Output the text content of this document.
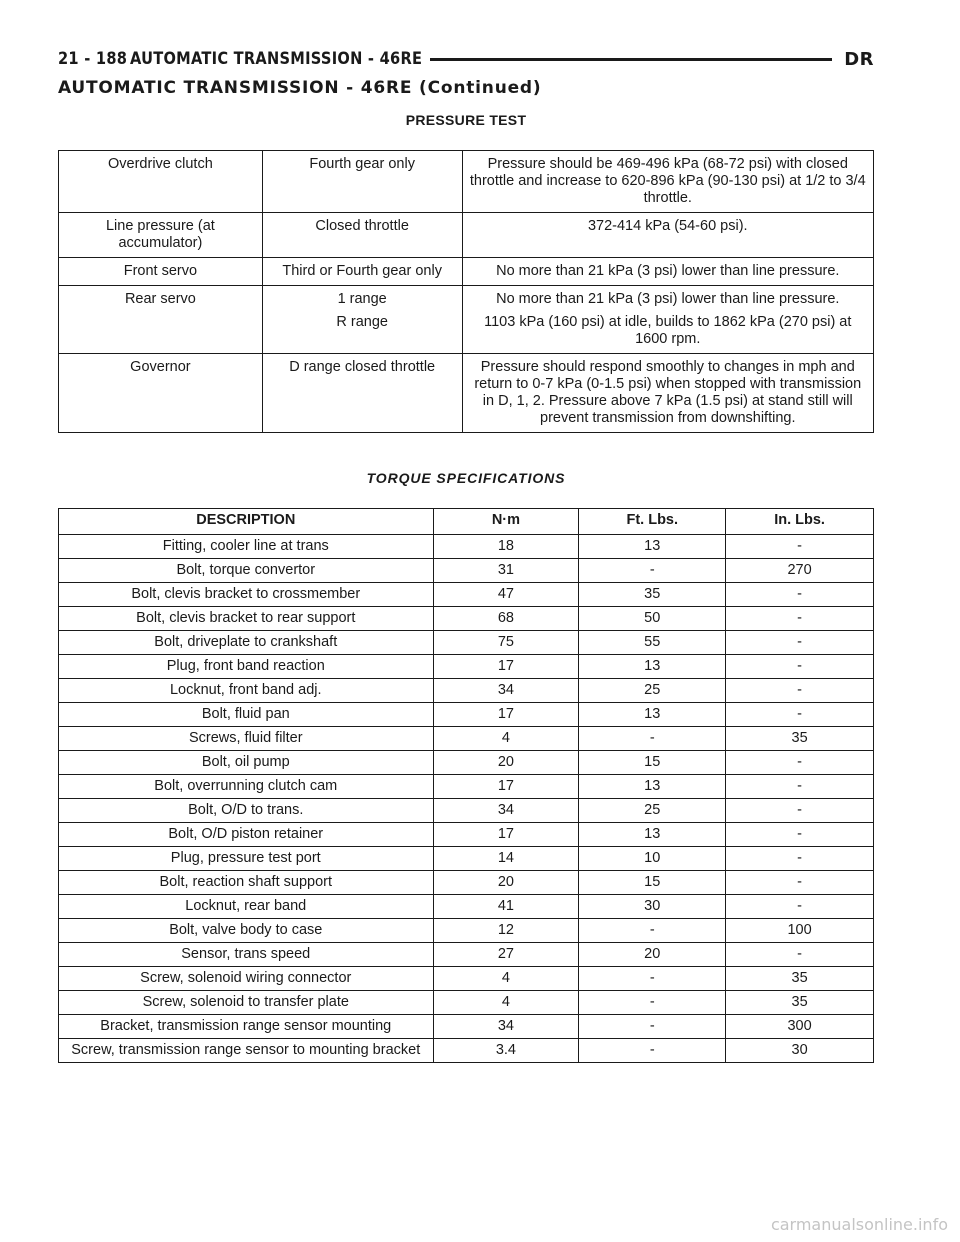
21 - 188 AUTOMATIC TRANSMISSION - 46RE	DR
AUTOMATIC TRANSMISSION - 46RE (Continued)
PRESSURE TEST
Overdrive clutch	Fourth gear only	Pressure should be 469-496 kPa (68-72 psi) with closed throttle and increase to 620-896 kPa (90-130 psi) at 1/2 to 3/4 throttle.
Line pressure (at accumulator)	Closed throttle	372-414 kPa (54-60 psi).
Front servo	Third or Fourth gear only	No more than 21 kPa (3 psi) lower than line pressure.
Rear servo	1 range	No more than 21 kPa (3 psi) lower than line pressure.
	R range	1103 kPa (160 psi) at idle, builds to 1862 kPa (270 psi) at 1600 rpm.
Governor	D range closed throttle	Pressure should respond smoothly to changes in mph and return to 0-7 kPa (0-1.5 psi) when stopped with transmission in D, 1, 2. Pressure above 7 kPa (1.5 psi) at stand still will prevent transmission from downshifting.
TORQUE SPECIFICATIONS
DESCRIPTION	N·m	Ft. Lbs.	In. Lbs.
Fitting, cooler line at trans	18	13	-
Bolt, torque convertor	31	-	270
Bolt, clevis bracket to crossmember	47	35	-
Bolt, clevis bracket to rear support	68	50	-
Bolt, driveplate to crankshaft	75	55	-
Plug, front band reaction	17	13	-
Locknut, front band adj.	34	25	-
Bolt, fluid pan	17	13	-
Screws, fluid filter	4	-	35
Bolt, oil pump	20	15	-
Bolt, overrunning clutch cam	17	13	-
Bolt, O/D to trans.	34	25	-
Bolt, O/D piston retainer	17	13	-
Plug, pressure test port	14	10	-
Bolt, reaction shaft support	20	15	-
Locknut, rear band	41	30	-
Bolt, valve body to case	12	-	100
Sensor, trans speed	27	20	-
Screw, solenoid wiring connector	4	-	35
Screw, solenoid to transfer plate	4	-	35
Bracket, transmission range sensor mounting	34	-	300
Screw, transmission range sensor to mounting bracket	3.4	-	30
carmanualsonline.info
